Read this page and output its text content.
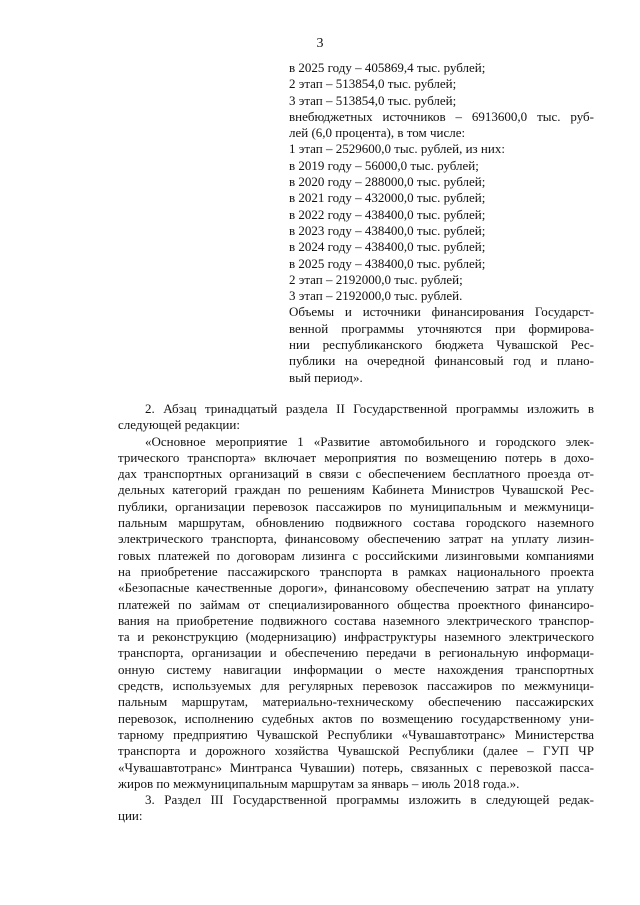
3
в 2025 году – 405869,4 тыс. рублей;
2 этап – 513854,0 тыс. рублей;
3 этап – 513854,0 тыс. рублей;
внебюджетных источников – 6913600,0 тыс. руб-
лей (6,0 процента), в том числе:
1 этап – 2529600,0 тыс. рублей, из них:
в 2019 году – 56000,0 тыс. рублей;
в 2020 году – 288000,0 тыс. рублей;
в 2021 году – 432000,0 тыс. рублей;
в 2022 году – 438400,0 тыс. рублей;
в 2023 году – 438400,0 тыс. рублей;
в 2024 году – 438400,0 тыс. рублей;
в 2025 году – 438400,0 тыс. рублей;
2 этап – 2192000,0 тыс. рублей;
3 этап – 2192000,0 тыс. рублей.
Объемы и источники финансирования Государст-
венной программы уточняются при формирова-
нии республиканского бюджета Чувашской Рес-
публики на очередной финансовый год и плано-
вый период».
2. Абзац тринадцатый раздела II Государственной программы изложить в
следующей редакции:
«Основное мероприятие 1 «Развитие автомобильного и городского элек-
трического транспорта» включает мероприятия по возмещению потерь в дохо-
дах транспортных организаций в связи с обеспечением бесплатного проезда от-
дельных категорий граждан по решениям Кабинета Министров Чувашской Рес-
публики, организации перевозок пассажиров по муниципальным и межмуници-
пальным маршрутам, обновлению подвижного состава городского наземного
электрического транспорта, финансовому обеспечению затрат на уплату лизин-
говых платежей по договорам лизинга с российскими лизинговыми компаниями
на приобретение пассажирского транспорта в рамках национального проекта
«Безопасные качественные дороги», финансовому обеспечению затрат на уплату
платежей по займам от специализированного общества проектного финансиро-
вания на приобретение подвижного состава наземного электрического транспор-
та и реконструкцию (модернизацию) инфраструктуры наземного электрического
транспорта, организации и обеспечению передачи в региональную информаци-
онную систему навигации информации о месте нахождения транспортных
средств, используемых для регулярных перевозок пассажиров по межмуници-
пальным маршрутам, материально-техническому обеспечению пассажирских
перевозок, исполнению судебных актов по возмещению государственному уни-
тарному предприятию Чувашской Республики «Чувашавтотранс» Министерства
транспорта и дорожного хозяйства Чувашской Республики (далее – ГУП ЧР
«Чувашавтотранс» Минтранса Чувашии) потерь, связанных с перевозкой пасса-
жиров по межмуниципальным маршрутам за январь – июль 2018 года.».
3. Раздел III Государственной программы изложить в следующей редак-
ции:
